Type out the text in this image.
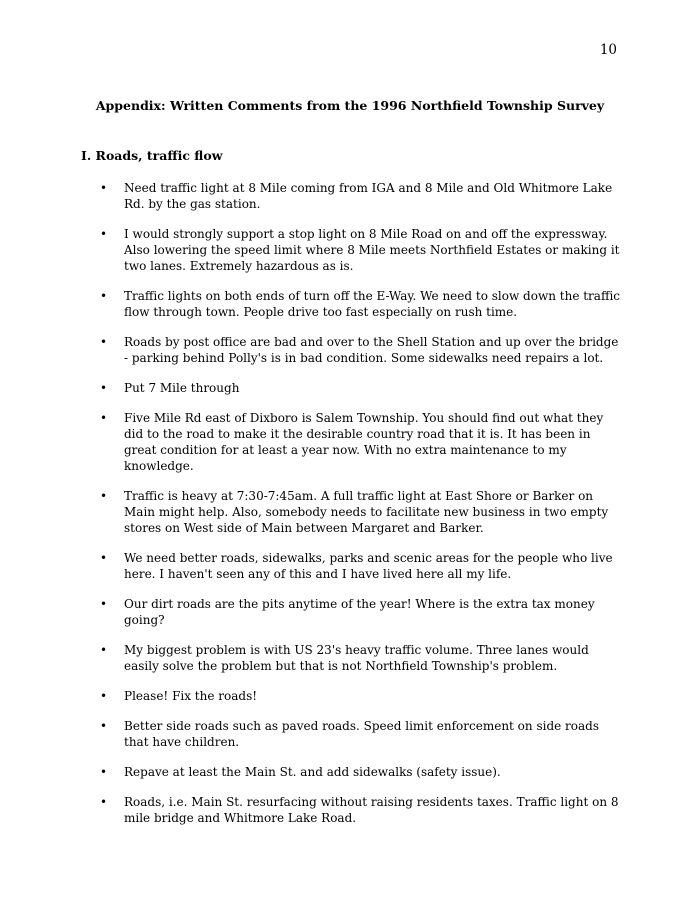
10
Appendix: Written Comments from the 1996 Northfield Township Survey
I. Roads, traffic flow
• Need traffic light at 8 Mile coming from IGA and 8 Mile and Old Whitmore Lake Rd. by the gas station.
• I would strongly support a stop light on 8 Mile Road on and off the expressway. Also lowering the speed limit where 8 Mile meets Northfield Estates or making it two lanes. Extremely hazardous as is.
• Traffic lights on both ends of turn off the E-Way. We need to slow down the traffic flow through town. People drive too fast especially on rush time.
• Roads by post office are bad and over to the Shell Station and up over the bridge - parking behind Polly's is in bad condition. Some sidewalks need repairs a lot.
• Put 7 Mile through
• Five Mile Rd east of Dixboro is Salem Township. You should find out what they did to the road to make it the desirable country road that it is. It has been in great condition for at least a year now. With no extra maintenance to my knowledge.
• Traffic is heavy at 7:30-7:45am. A full traffic light at East Shore or Barker on Main might help. Also, somebody needs to facilitate new business in two empty stores on West side of Main between Margaret and Barker.
• We need better roads, sidewalks, parks and scenic areas for the people who live here. I haven't seen any of this and I have lived here all my life.
• Our dirt roads are the pits anytime of the year! Where is the extra tax money going?
• My biggest problem is with US 23's heavy traffic volume. Three lanes would easily solve the problem but that is not Northfield Township's problem.
• Please! Fix the roads!
• Better side roads such as paved roads. Speed limit enforcement on side roads that have children.
• Repave at least the Main St. and add sidewalks (safety issue).
• Roads, i.e. Main St. resurfacing without raising residents taxes. Traffic light on 8 mile bridge and Whitmore Lake Road.
